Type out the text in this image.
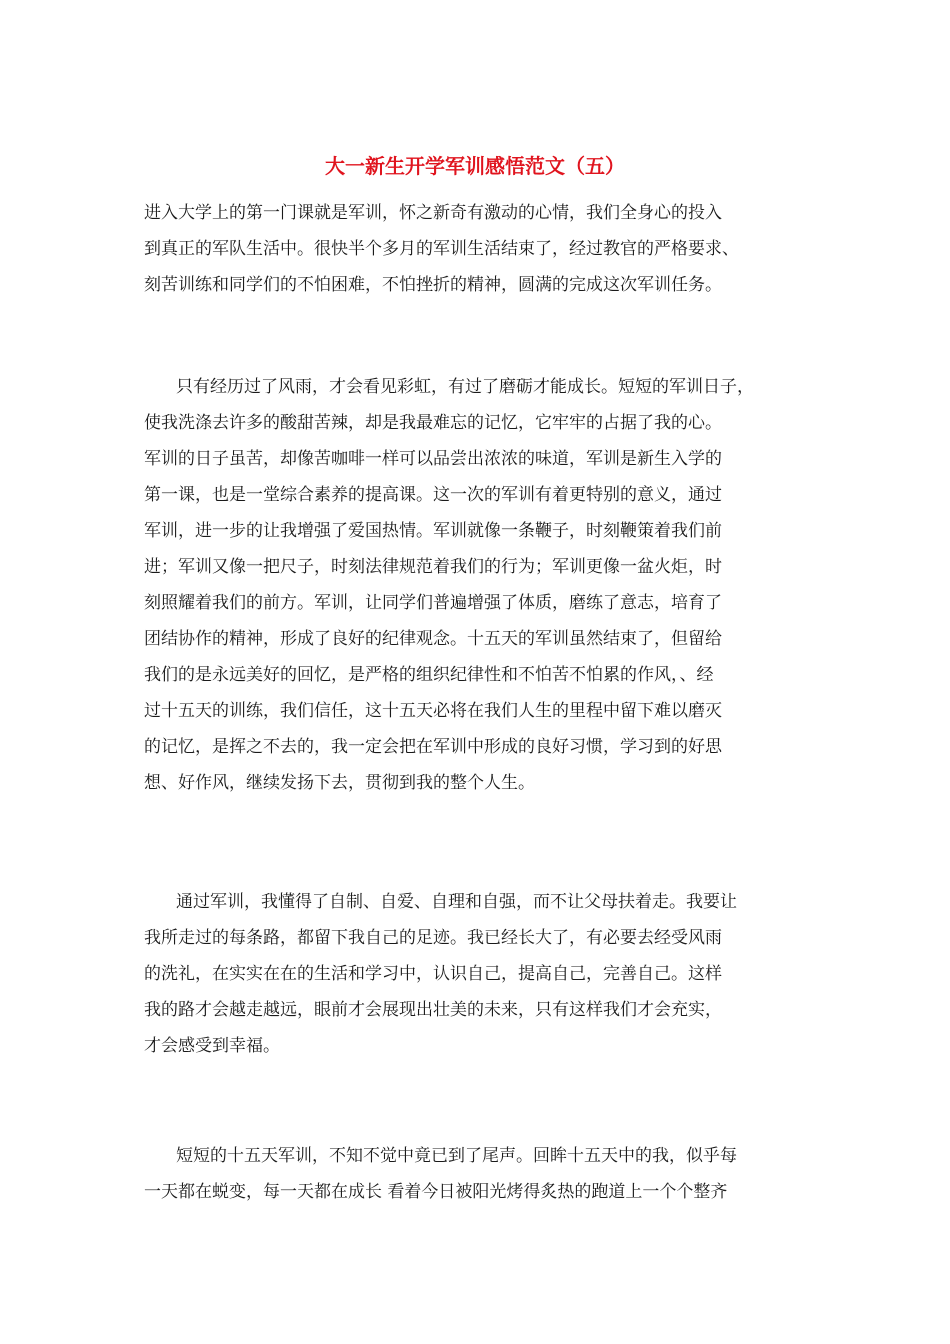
大一新生开学军训感悟范文（五）
进入大学上的第一门课就是军训，怀之新奇有激动的心情，我们全身心的投入
到真正的军队生活中。很快半个多月的军训生活结束了，经过教官的严格要求、
刻苦训练和同学们的不怕困难，不怕挫折的精神，圆满的完成这次军训任务。
只有经历过了风雨，才会看见彩虹，有过了磨砺才能成长。短短的军训日子，
使我洗涤去许多的酸甜苦辣，却是我最难忘的记忆，它牢牢的占据了我的心。
军训的日子虽苦，却像苦咖啡一样可以品尝出浓浓的味道，军训是新生入学的
第一课，也是一堂综合素养的提高课。这一次的军训有着更特别的意义，通过
军训，进一步的让我增强了爱国热情。军训就像一条鞭子，时刻鞭策着我们前
进；军训又像一把尺子，时刻法律规范着我们的行为；军训更像一盆火炬，时
刻照耀着我们的前方。军训，让同学们普遍增强了体质，磨练了意志，培育了
团结协作的精神，形成了良好的纪律观念。十五天的军训虽然结束了，但留给
我们的是永远美好的回忆，是严格的组织纪律性和不怕苦不怕累的作风，、经
过十五天的训练，我们信任，这十五天必将在我们人生的里程中留下难以磨灭
的记忆，是挥之不去的，我一定会把在军训中形成的良好习惯，学习到的好思
想、好作风，继续发扬下去，贯彻到我的整个人生。
通过军训，我懂得了自制、自爱、自理和自强，而不让父母扶着走。我要让
我所走过的每条路，都留下我自己的足迹。我已经长大了，有必要去经受风雨
的洗礼，在实实在在的生活和学习中，认识自己，提高自己，完善自己。这样
我的路才会越走越远，眼前才会展现出壮美的未来，只有这样我们才会充实，
才会感受到幸福。
短短的十五天军训，不知不觉中竟已到了尾声。回眸十五天中的我，似乎每
一天都在蜕变，每一天都在成长 看着今日被阳光烤得炙热的跑道上一个个整齐
